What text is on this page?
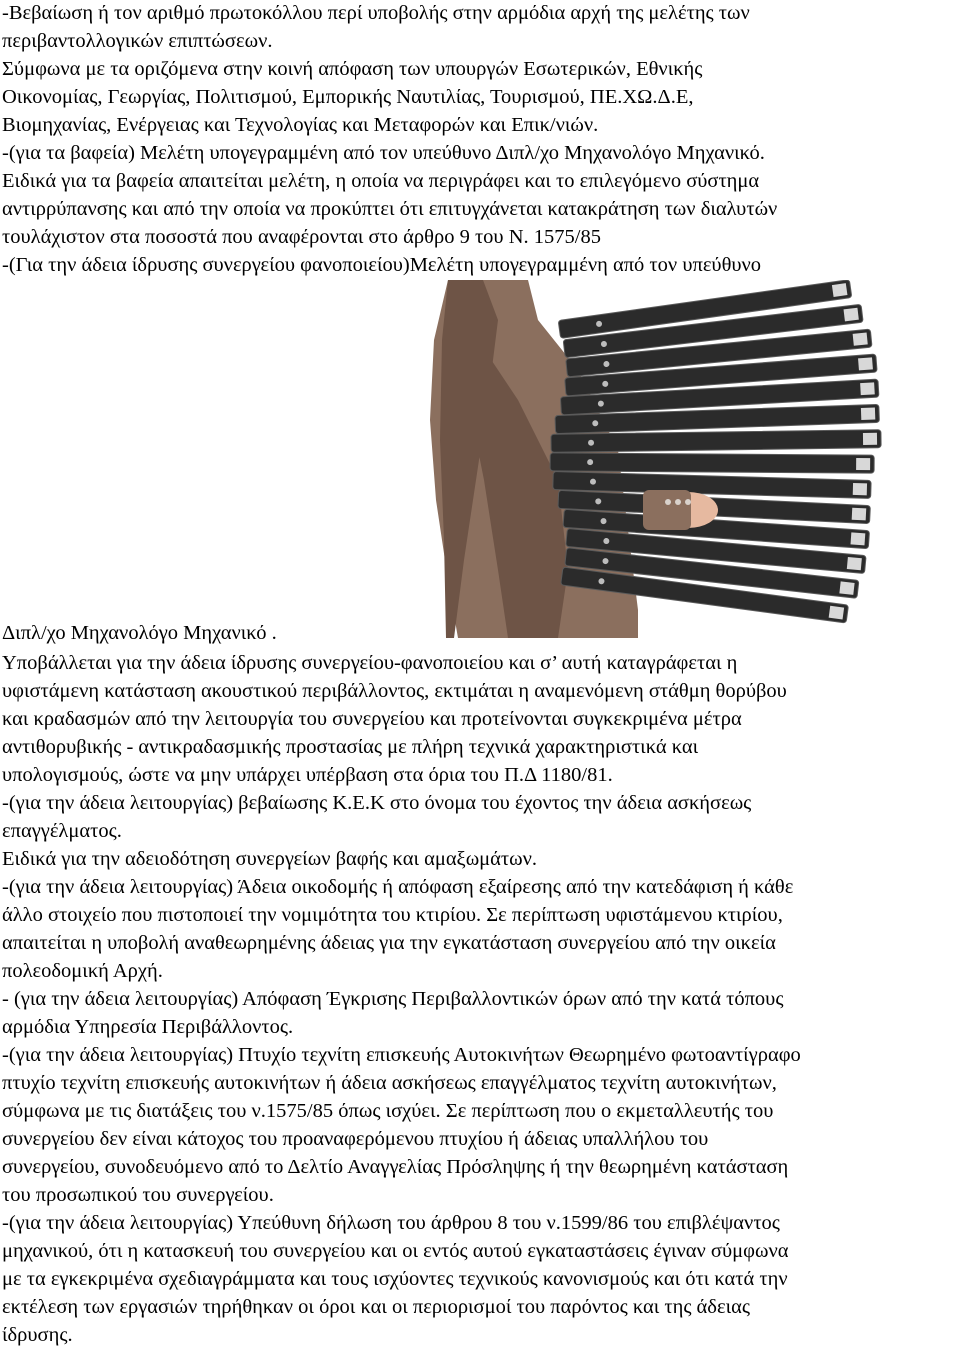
-Βεβαίωση ή τον αριθμό πρωτοκόλλου περί υποβολής στην αρμόδια αρχή της μελέτης των
περιβαντολλογικών επιπτώσεων.
Σύμφωνα με τα οριζόμενα στην κοινή απόφαση των υπουργών Εσωτερικών, Εθνικής
Οικονομίας, Γεωργίας, Πολιτισμού, Εμπορικής Ναυτιλίας, Τουρισμού, ΠΕ.ΧΩ.Δ.Ε,
Βιομηχανίας, Ενέργειας και Τεχνολογίας και Μεταφορών και Επικ/νιών.
-(για τα βαφεία) Μελέτη υπογεγραμμένη από τον υπεύθυνο Διπλ/χο Μηχανολόγο Μηχανικό.
Ειδικά για τα βαφεία απαιτείται μελέτη, η οποία να περιγράφει και το επιλεγόμενο σύστημα
αντιρρύπανσης και από την οποία να προκύπτει ότι επιτυγχάνεται κατακράτηση των διαλυτών
τουλάχιστον στα ποσοστά που αναφέρονται στο άρθρο 9 του Ν. 1575/85
-(Για την άδεια ίδρυσης συνεργείου φανοποιείου)Μελέτη υπογεγραμμένη από τον υπεύθυνο
Διπλ/χο Μηχανολόγο Μηχανικό .
Υποβάλλεται για την άδεια ίδρυσης συνεργείου-φανοποιείου και σ’ αυτή καταγράφεται η
υφιστάμενη κατάσταση ακουστικού περιβάλλοντος, εκτιμάται η αναμενόμενη στάθμη θορύβου
και κραδασμών από την λειτουργία του συνεργείου και προτείνονται συγκεκριμένα μέτρα
αντιθορυβικής - αντικραδασμικής προστασίας με πλήρη τεχνικά χαρακτηριστικά και
υπολογισμούς, ώστε να μην υπάρχει υπέρβαση στα όρια του Π.Δ 1180/81.
-(για την άδεια λειτουργίας) βεβαίωσης Κ.Ε.Κ στο όνομα του έχοντος την άδεια ασκήσεως
επαγγέλματος.
Ειδικά για την αδειοδότηση συνεργείων βαφής και αμαξωμάτων.
-(για την άδεια λειτουργίας) Άδεια οικοδομής ή απόφαση εξαίρεσης από την κατεδάφιση ή κάθε
άλλο στοιχείο που πιστοποιεί την νομιμότητα του κτιρίου. Σε περίπτωση υφιστάμενου κτιρίου,
απαιτείται η υποβολή αναθεωρημένης άδειας για την εγκατάσταση συνεργείου από την οικεία
πολεοδομική Αρχή.
- (για την άδεια λειτουργίας) Απόφαση Έγκρισης Περιβαλλοντικών όρων από την κατά τόπους
αρμόδια Υπηρεσία Περιβάλλοντος.
-(για την άδεια λειτουργίας) Πτυχίο τεχνίτη επισκευής Αυτοκινήτων Θεωρημένο φωτοαντίγραφο
πτυχίο τεχνίτη επισκευής αυτοκινήτων ή άδεια ασκήσεως επαγγέλματος τεχνίτη αυτοκινήτων,
σύμφωνα με τις διατάξεις του ν.1575/85 όπως ισχύει. Σε περίπτωση που ο εκμεταλλευτής του
συνεργείου δεν είναι κάτοχος του προαναφερόμενου πτυχίου ή άδειας υπαλλήλου του
συνεργείου, συνοδευόμενο από το Δελτίο Αναγγελίας Πρόσληψης ή την θεωρημένη κατάσταση
του προσωπικού του συνεργείου.
-(για την άδεια λειτουργίας) Υπεύθυνη δήλωση του άρθρου 8 του ν.1599/86 του επιβλέψαντος
μηχανικού, ότι η κατασκευή του συνεργείου και οι εντός αυτού εγκαταστάσεις έγιναν σύμφωνα
με τα εγκεκριμένα σχεδιαγράμματα και τους ισχύοντες τεχνικούς κανονισμούς και ότι κατά την
εκτέλεση των εργασιών τηρήθηκαν οι όροι και οι περιορισμοί του παρόντος και της άδειας
ίδρυσης.
